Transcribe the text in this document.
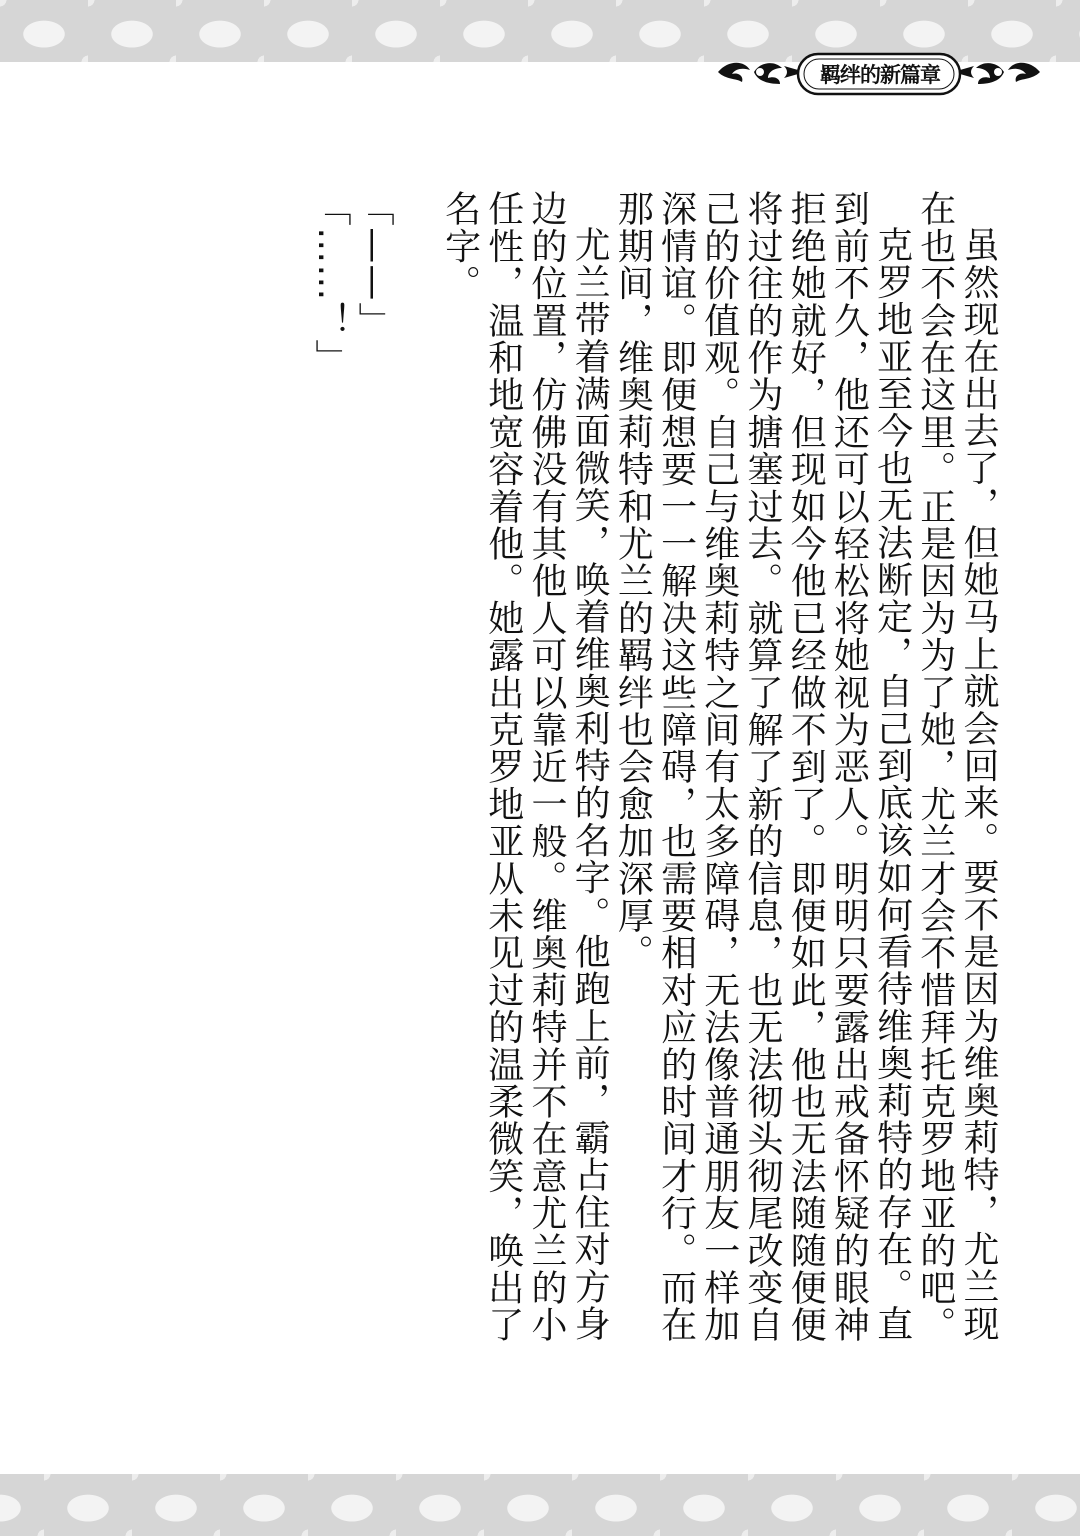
羁绊的新篇章

虽然现在出去了，但她马上就会回来。要不是因为维奥莉特，尤兰现在也不会在这里。正是因为为了她，尤兰才会不惜拜托克罗地亚的吧。

克罗地亚至今也无法断定，自己到底该如何看待维奥莉特的存在。直到前不久，他还可以轻松将她视为恶人。明明只要露出戒备怀疑的眼神拒绝她就好，但现如今他已经做不到了。即便如此，他也无法随随便便将过往的作为搪塞过去。就算了解了新的信息，也无法彻头彻尾改变自己的价值观。自己与维奥莉特之间有太多障碍，无法像普通朋友一样加深情谊。即便想要一一解决这些障碍，也需要相对应的时间才行。而在那期间，维奥莉特和尤兰的羁绊也会愈加深厚。

尤兰带着满面微笑，唤着维奥利特的名字。他跑上前，霸占住对方身边的位置，仿佛没有其他人可以靠近一般。维奥莉特并不在意尤兰的小任性，温和地宽容着他。她露出克罗地亚从未见过的温柔微笑，唤出了名字。

「——」

「……！」
